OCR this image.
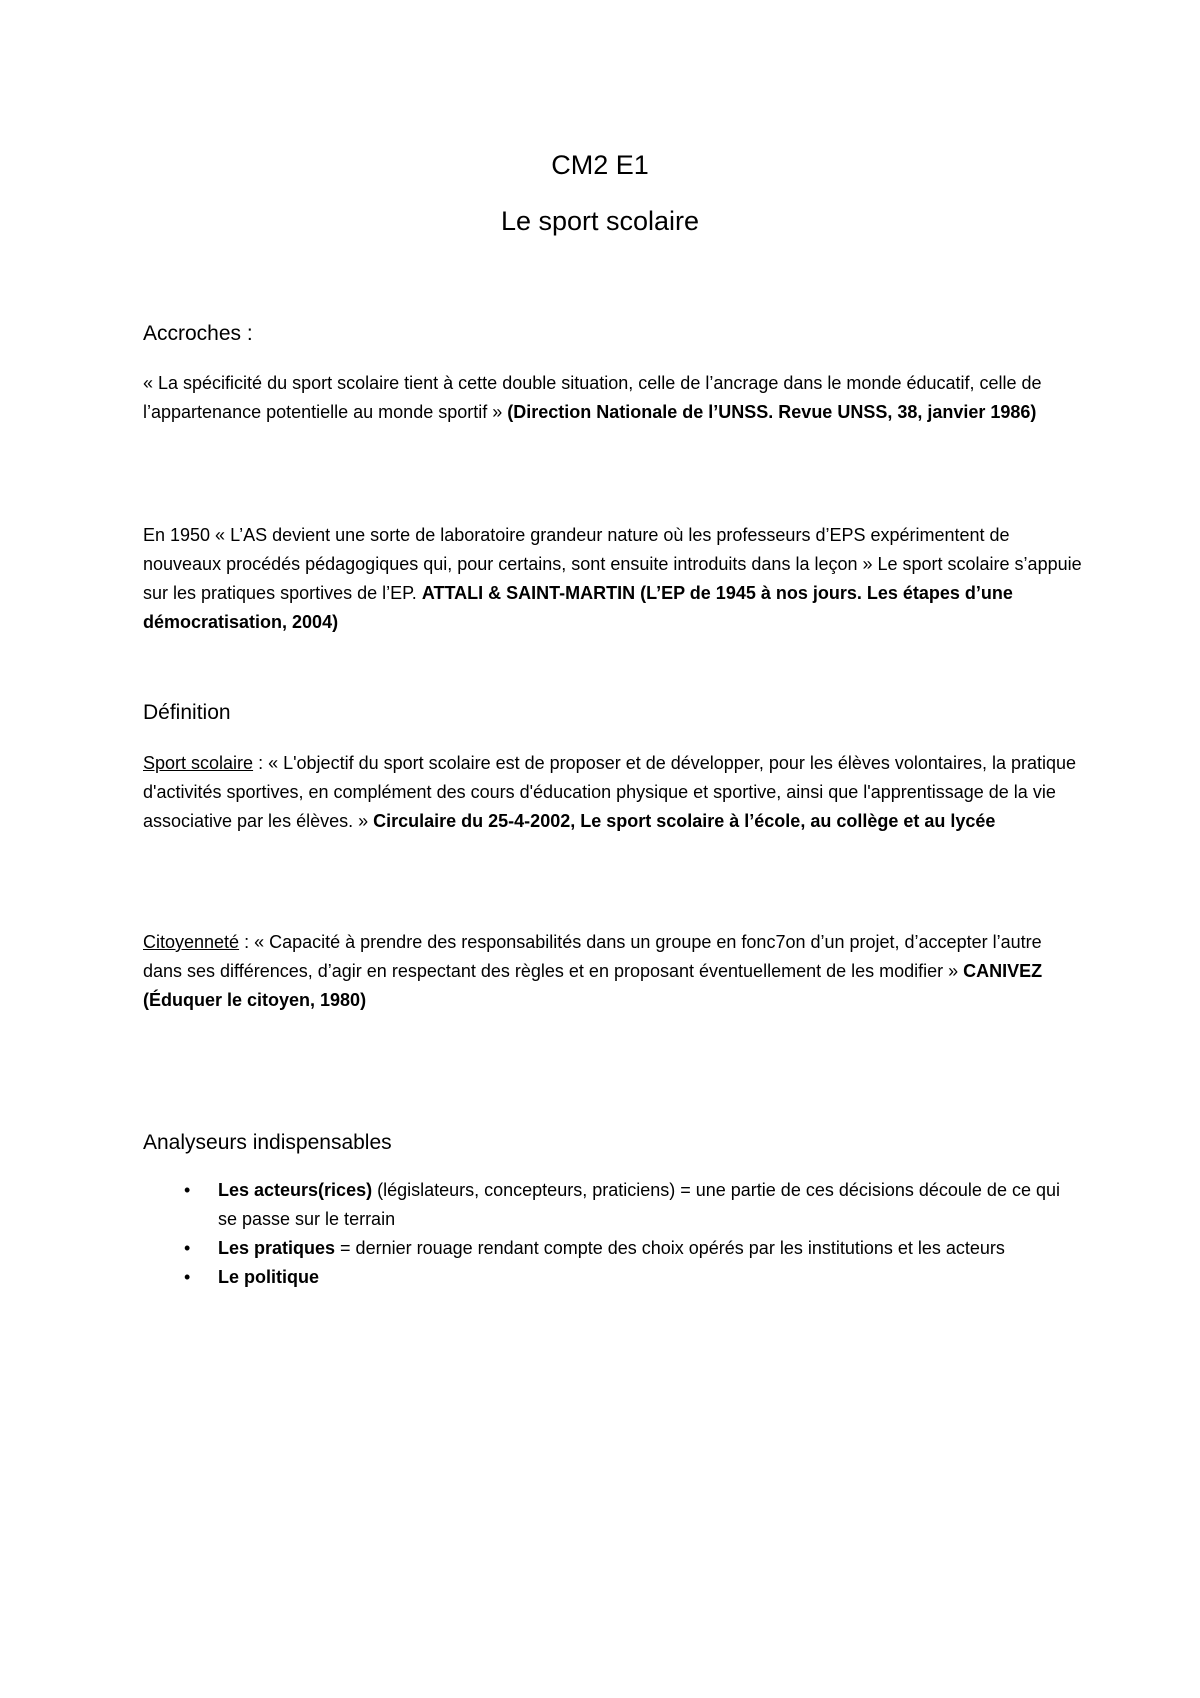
CM2 E1
Le sport scolaire
Accroches :

« La spécificité du sport scolaire tient à cette double situation, celle de l’ancrage dans le monde éducatif, celle de l’appartenance potentielle au monde sportif » (Direction Nationale de l’UNSS. Revue UNSS, 38, janvier 1986)

En 1950 « L’AS devient une sorte de laboratoire grandeur nature où les professeurs d’EPS expérimentent de nouveaux procédés pédagogiques qui, pour certains, sont ensuite introduits dans la leçon » Le sport scolaire s’appuie sur les pratiques sportives de l’EP. ATTALI & SAINT-MARTIN (L’EP de 1945 à nos jours. Les étapes d’une démocratisation, 2004)

Définition

Sport scolaire : « L'objectif du sport scolaire est de proposer et de développer, pour les élèves volontaires, la pratique d'activités sportives, en complément des cours d'éducation physique et sportive, ainsi que l'apprentissage de la vie associative par les élèves. » Circulaire du 25-4-2002, Le sport scolaire à l’école, au collège et au lycée

Citoyenneté : « Capacité à prendre des responsabilités dans un groupe en fonc7on d’un projet, d’accepter l’autre dans ses différences, d’agir en respectant des règles et en proposant éventuellement de les modifier » CANIVEZ (Éduquer le citoyen, 1980)

Analyseurs indispensables
• Les acteurs(rices) (législateurs, concepteurs, praticiens) = une partie de ces décisions découle de ce qui se passe sur le terrain
• Les pratiques = dernier rouage rendant compte des choix opérés par les institutions et les acteurs
• Le politique
